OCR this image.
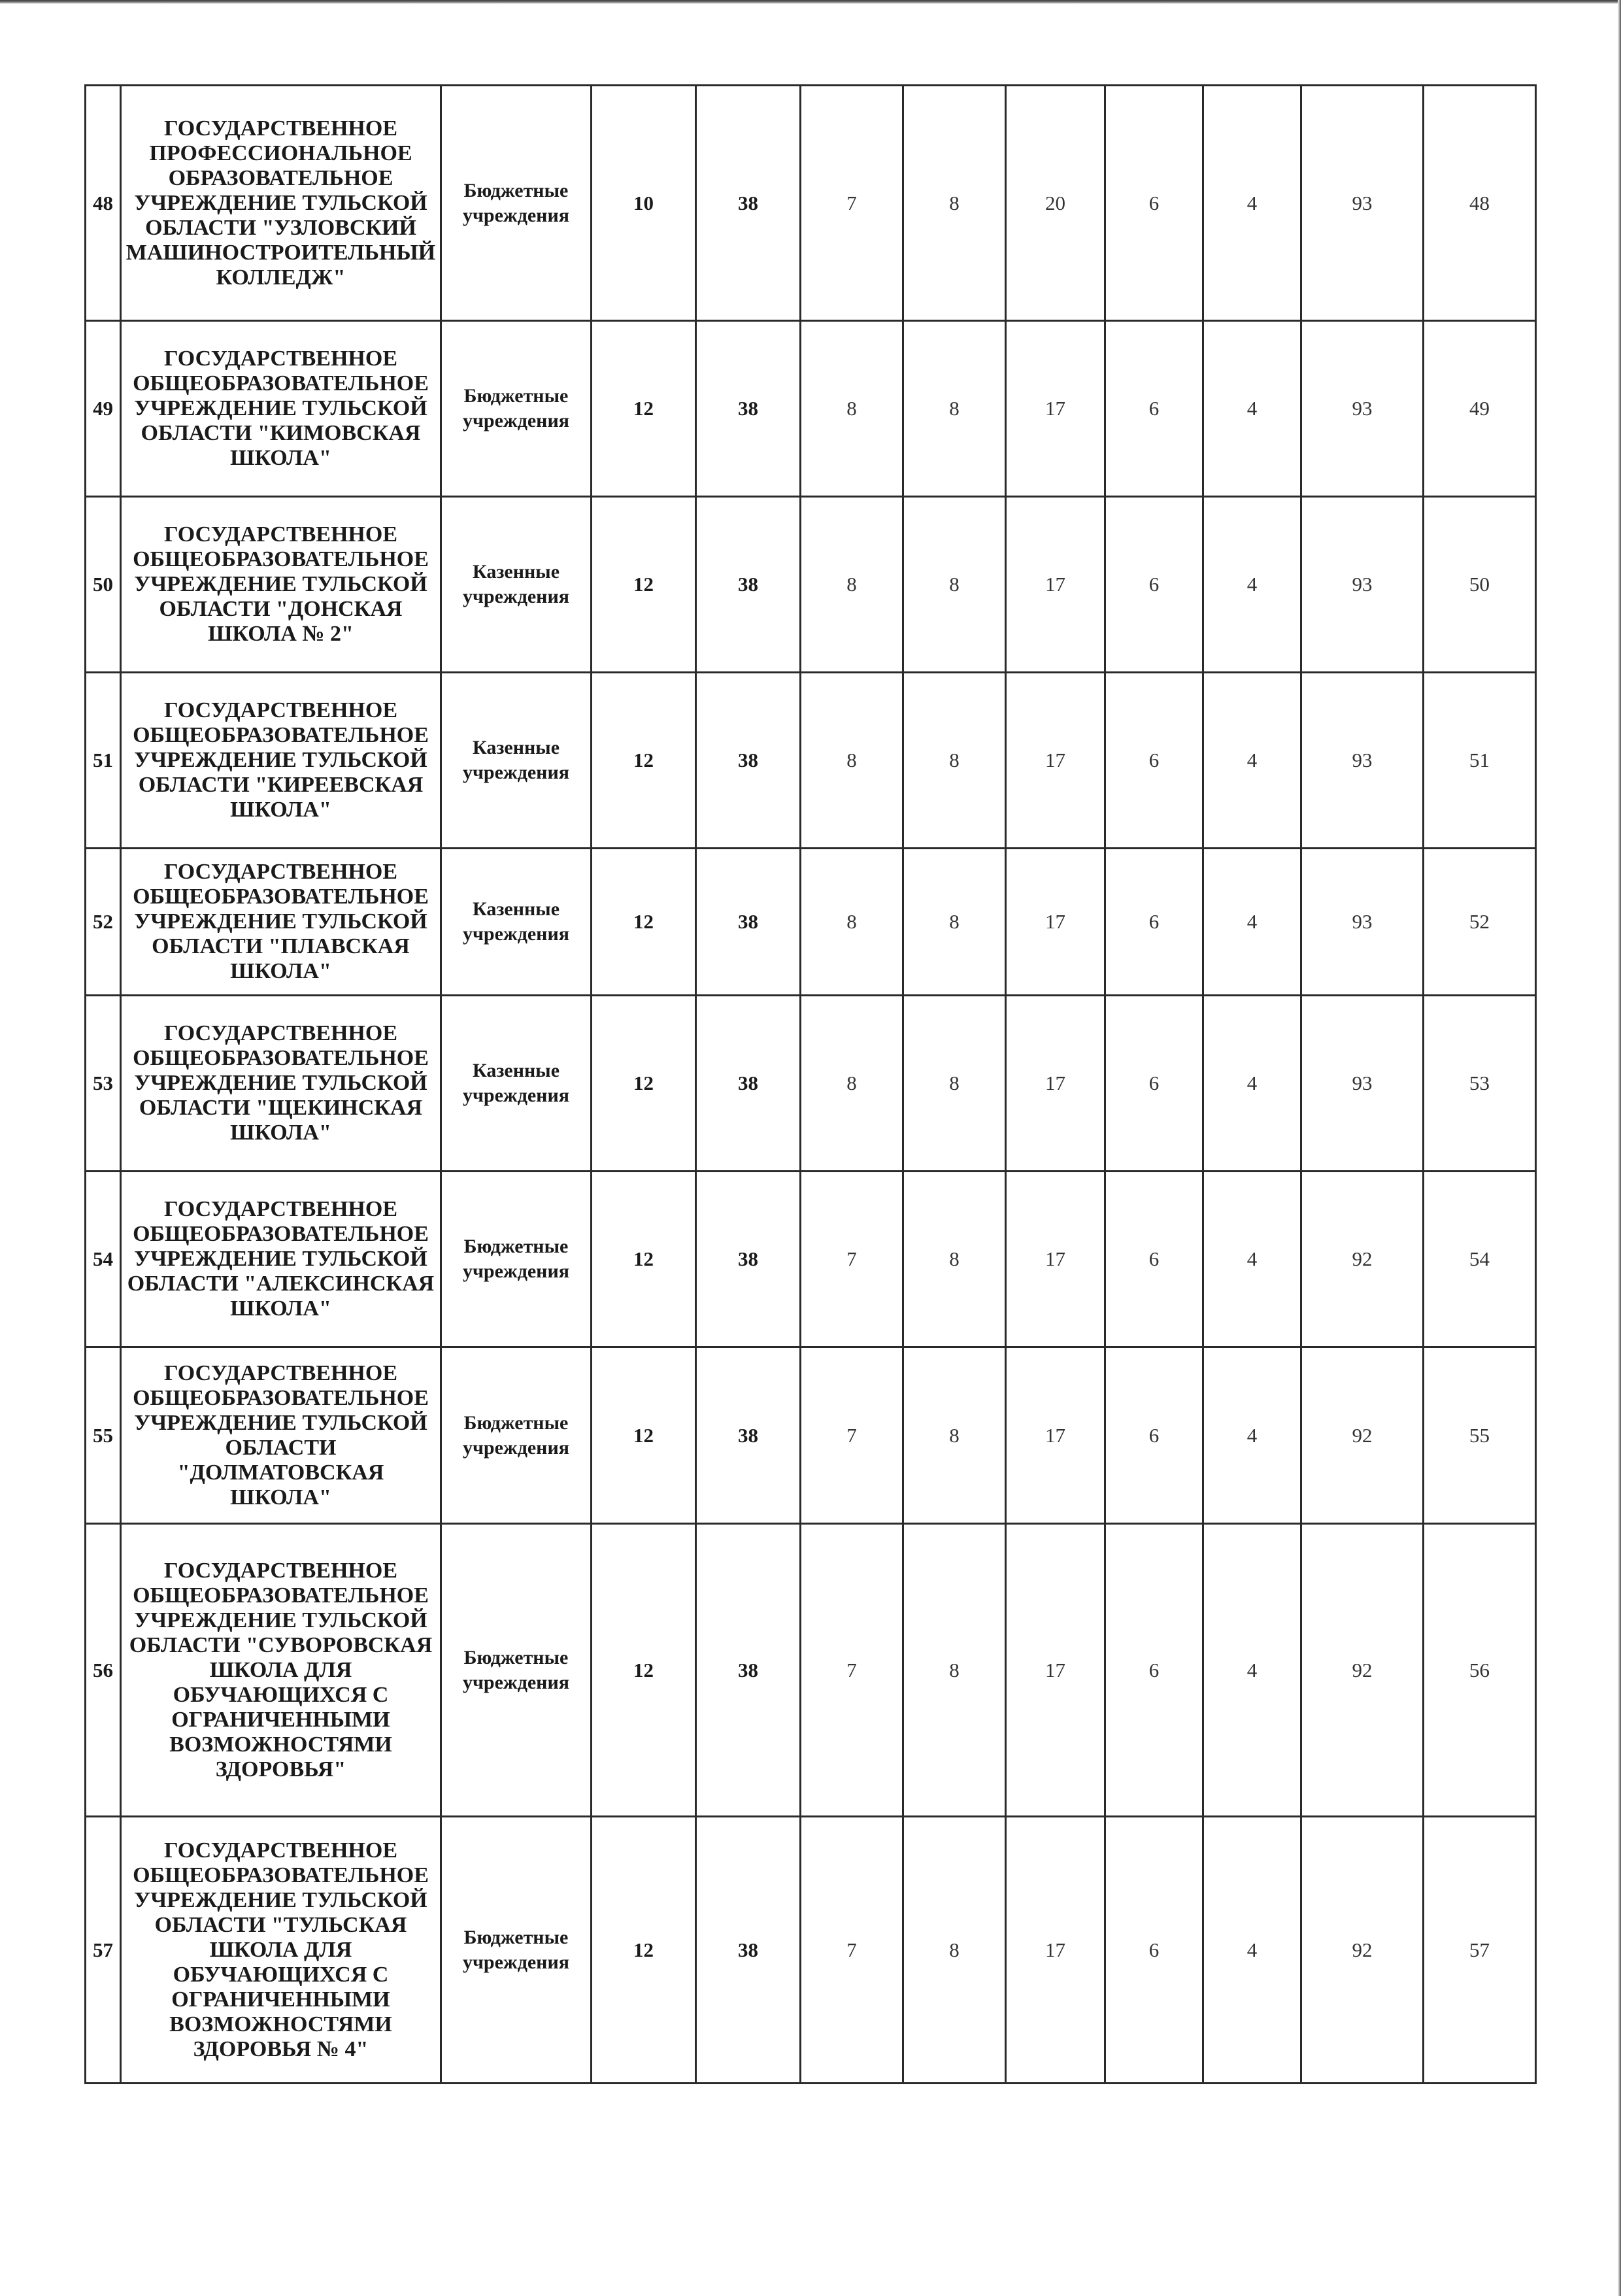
48	ГОСУДАРСТВЕННОЕ ПРОФЕССИОНАЛЬНОЕ ОБРАЗОВАТЕЛЬНОЕ УЧРЕЖДЕНИЕ ТУЛЬСКОЙ ОБЛАСТИ "УЗЛОВСКИЙ МАШИНОСТРОИТЕЛЬНЫЙ КОЛЛЕДЖ"	Бюджетные учреждения	10	38	7	8	20	6	4	93	48
49	ГОСУДАРСТВЕННОЕ ОБЩЕОБРАЗОВАТЕЛЬНОЕ УЧРЕЖДЕНИЕ ТУЛЬСКОЙ ОБЛАСТИ "КИМОВСКАЯ ШКОЛА"	Бюджетные учреждения	12	38	8	8	17	6	4	93	49
50	ГОСУДАРСТВЕННОЕ ОБЩЕОБРАЗОВАТЕЛЬНОЕ УЧРЕЖДЕНИЕ ТУЛЬСКОЙ ОБЛАСТИ "ДОНСКАЯ ШКОЛА № 2"	Казенные учреждения	12	38	8	8	17	6	4	93	50
51	ГОСУДАРСТВЕННОЕ ОБЩЕОБРАЗОВАТЕЛЬНОЕ УЧРЕЖДЕНИЕ ТУЛЬСКОЙ ОБЛАСТИ "КИРЕЕВСКАЯ ШКОЛА"	Казенные учреждения	12	38	8	8	17	6	4	93	51
52	ГОСУДАРСТВЕННОЕ ОБЩЕОБРАЗОВАТЕЛЬНОЕ УЧРЕЖДЕНИЕ ТУЛЬСКОЙ ОБЛАСТИ "ПЛАВСКАЯ ШКОЛА"	Казенные учреждения	12	38	8	8	17	6	4	93	52
53	ГОСУДАРСТВЕННОЕ ОБЩЕОБРАЗОВАТЕЛЬНОЕ УЧРЕЖДЕНИЕ ТУЛЬСКОЙ ОБЛАСТИ "ЩЕКИНСКАЯ ШКОЛА"	Казенные учреждения	12	38	8	8	17	6	4	93	53
54	ГОСУДАРСТВЕННОЕ ОБЩЕОБРАЗОВАТЕЛЬНОЕ УЧРЕЖДЕНИЕ ТУЛЬСКОЙ ОБЛАСТИ "АЛЕКСИНСКАЯ ШКОЛА"	Бюджетные учреждения	12	38	7	8	17	6	4	92	54
55	ГОСУДАРСТВЕННОЕ ОБЩЕОБРАЗОВАТЕЛЬНОЕ УЧРЕЖДЕНИЕ ТУЛЬСКОЙ ОБЛАСТИ "ДОЛМАТОВСКАЯ ШКОЛА"	Бюджетные учреждения	12	38	7	8	17	6	4	92	55
56	ГОСУДАРСТВЕННОЕ ОБЩЕОБРАЗОВАТЕЛЬНОЕ УЧРЕЖДЕНИЕ ТУЛЬСКОЙ ОБЛАСТИ "СУВОРОВСКАЯ ШКОЛА ДЛЯ ОБУЧАЮЩИХСЯ С ОГРАНИЧЕННЫМИ ВОЗМОЖНОСТЯМИ ЗДОРОВЬЯ"	Бюджетные учреждения	12	38	7	8	17	6	4	92	56
57	ГОСУДАРСТВЕННОЕ ОБЩЕОБРАЗОВАТЕЛЬНОЕ УЧРЕЖДЕНИЕ ТУЛЬСКОЙ ОБЛАСТИ "ТУЛЬСКАЯ ШКОЛА ДЛЯ ОБУЧАЮЩИХСЯ С ОГРАНИЧЕННЫМИ ВОЗМОЖНОСТЯМИ ЗДОРОВЬЯ № 4"	Бюджетные учреждения	12	38	7	8	17	6	4	92	57
